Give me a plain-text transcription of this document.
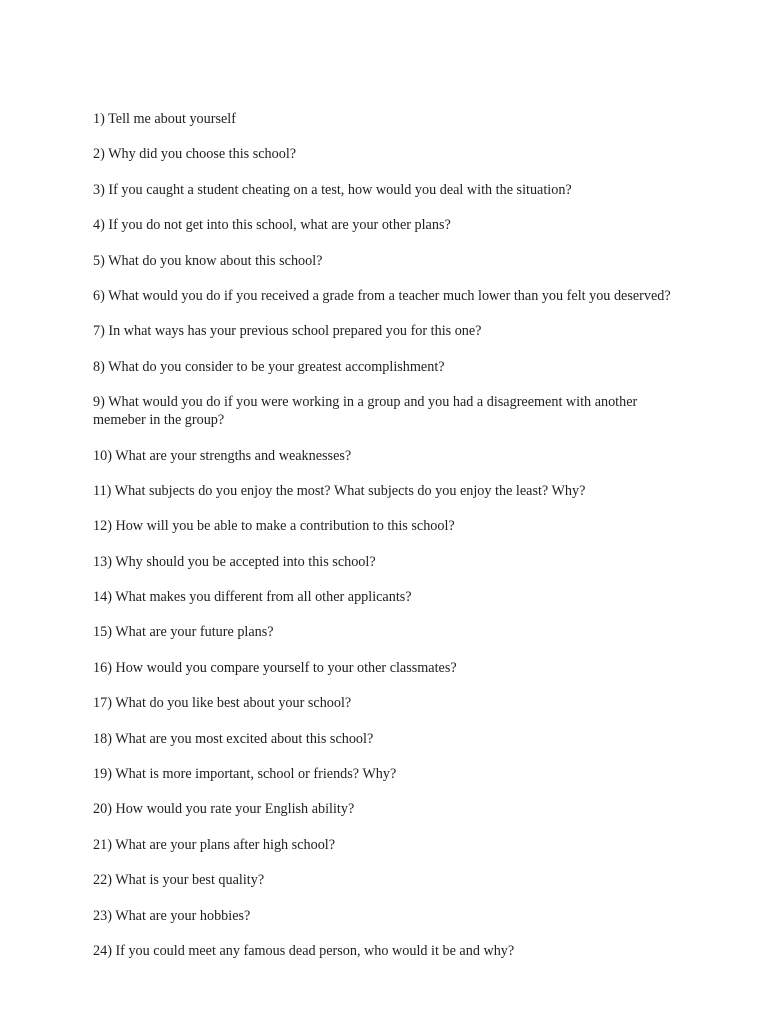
1) Tell me about yourself
2) Why did you choose this school?
3) If you caught a student cheating on a test, how would you deal with the situation?
4) If you do not get into this school, what are your other plans?
5) What do you know about this school?
6) What would you do if you received a grade from a teacher much lower than you felt you deserved?
7) In what ways has your previous school prepared you for this one?
8) What do you consider to be your greatest accomplishment?
9) What would you do if you were working in a group and you had a disagreement with another memeber in the group?
10) What are your strengths and weaknesses?
11) What subjects do you enjoy the most? What subjects do you enjoy the least? Why?
12) How will you be able to make a contribution to this school?
13) Why should you be accepted into this school?
14) What makes you different from all other applicants?
15) What are your future plans?
16) How would you compare yourself to your other classmates?
17) What do you like best about your school?
18) What are you most excited about this school?
19) What is more important, school or friends? Why?
20) How would you rate your English ability?
21) What are your plans after high school?
22) What is your best quality?
23) What are your hobbies?
24) If you could meet any famous dead person, who would it be and why?
